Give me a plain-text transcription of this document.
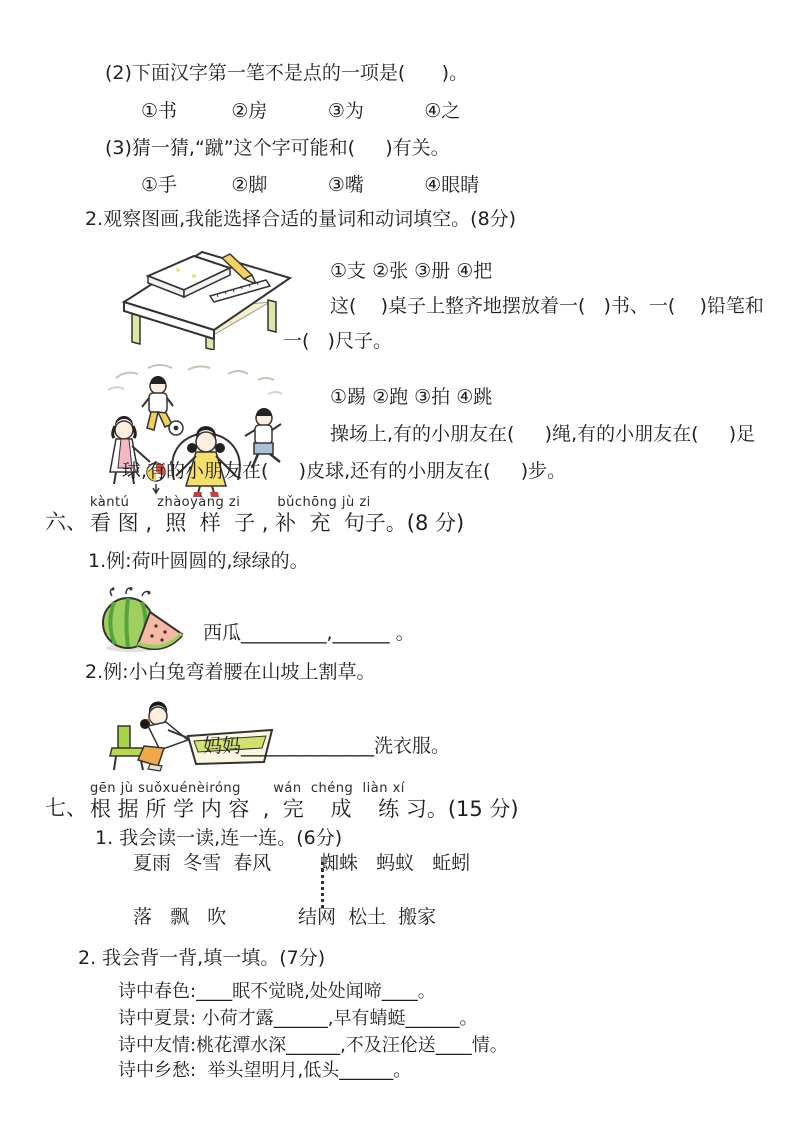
(2)下面汉字第一笔不是点的一项是(      )。
①书         ②房          ③为          ④之
(3)猜一猜,“蹴”这个字可能和(     )有关。
①手         ②脚          ③嘴          ④眼睛
2.观察图画,我能选择合适的量词和动词填空。(8分)
①支 ②张 ③册 ④把
这(    )桌子上整齐地摆放着一(   )书、一(    )铅笔和
一(   )尺子。
①踢 ②跑 ③拍 ④跳
操场上,有的小朋友在(     )绳,有的小朋友在(     )足
球,有的小朋友在(     )皮球,还有的小朋友在(     )步。
kàntú      zhàoyàng zi        bǔchōng jù zi
六、 看 图 ,  照  样  子 , 补  充  句子。(8 分)
1.例:荷叶圆圆的,绿绿的。
西瓜_________,______ 。
2.例:小白兔弯着腰在山坡上割草。
妈妈______________洗衣服。
gēn jù suǒxuénèiróng       wán  chéng  liàn xí
七、 根 据 所 学 内 容  ,  完    成    练 习。(15 分)
1. 我会读一读,连一连。(6分)
夏雨  冬雪  春风	蜘蛛   蚂蚁   蚯蚓
落   飘   吹	结网  松土  搬家
2. 我会背一背,填一填。(7分)
诗中春色:____眠不觉晓,处处闻啼____。
诗中夏景: 小荷才露______,早有蜻蜓______。
诗中友情:桃花潭水深______,不及汪伦送____情。
诗中乡愁:  举头望明月,低头______。
